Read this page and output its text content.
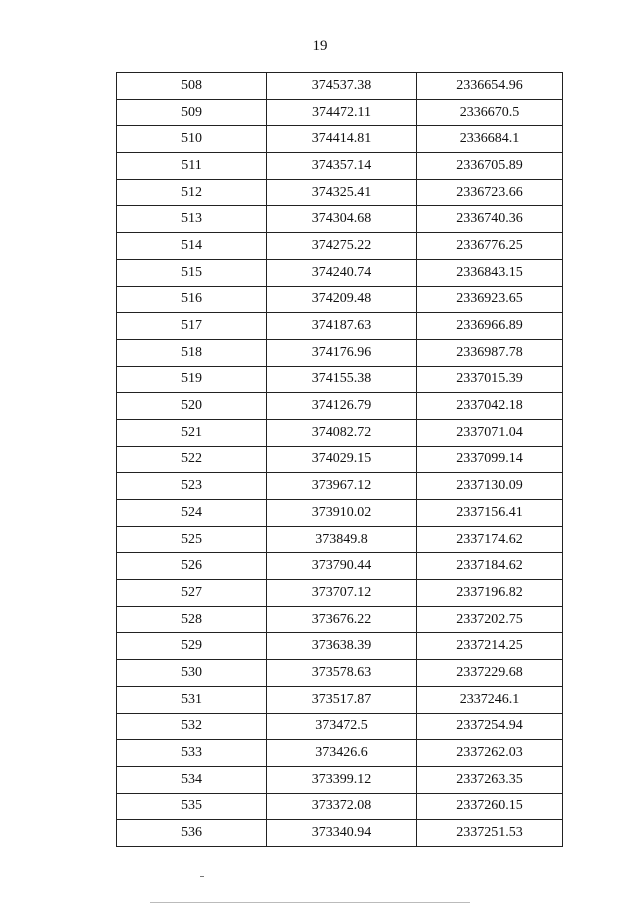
19
508	374537.38	2336654.96
509	374472.11	2336670.5
510	374414.81	2336684.1
511	374357.14	2336705.89
512	374325.41	2336723.66
513	374304.68	2336740.36
514	374275.22	2336776.25
515	374240.74	2336843.15
516	374209.48	2336923.65
517	374187.63	2336966.89
518	374176.96	2336987.78
519	374155.38	2337015.39
520	374126.79	2337042.18
521	374082.72	2337071.04
522	374029.15	2337099.14
523	373967.12	2337130.09
524	373910.02	2337156.41
525	373849.8	2337174.62
526	373790.44	2337184.62
527	373707.12	2337196.82
528	373676.22	2337202.75
529	373638.39	2337214.25
530	373578.63	2337229.68
531	373517.87	2337246.1
532	373472.5	2337254.94
533	373426.6	2337262.03
534	373399.12	2337263.35
535	373372.08	2337260.15
536	373340.94	2337251.53
